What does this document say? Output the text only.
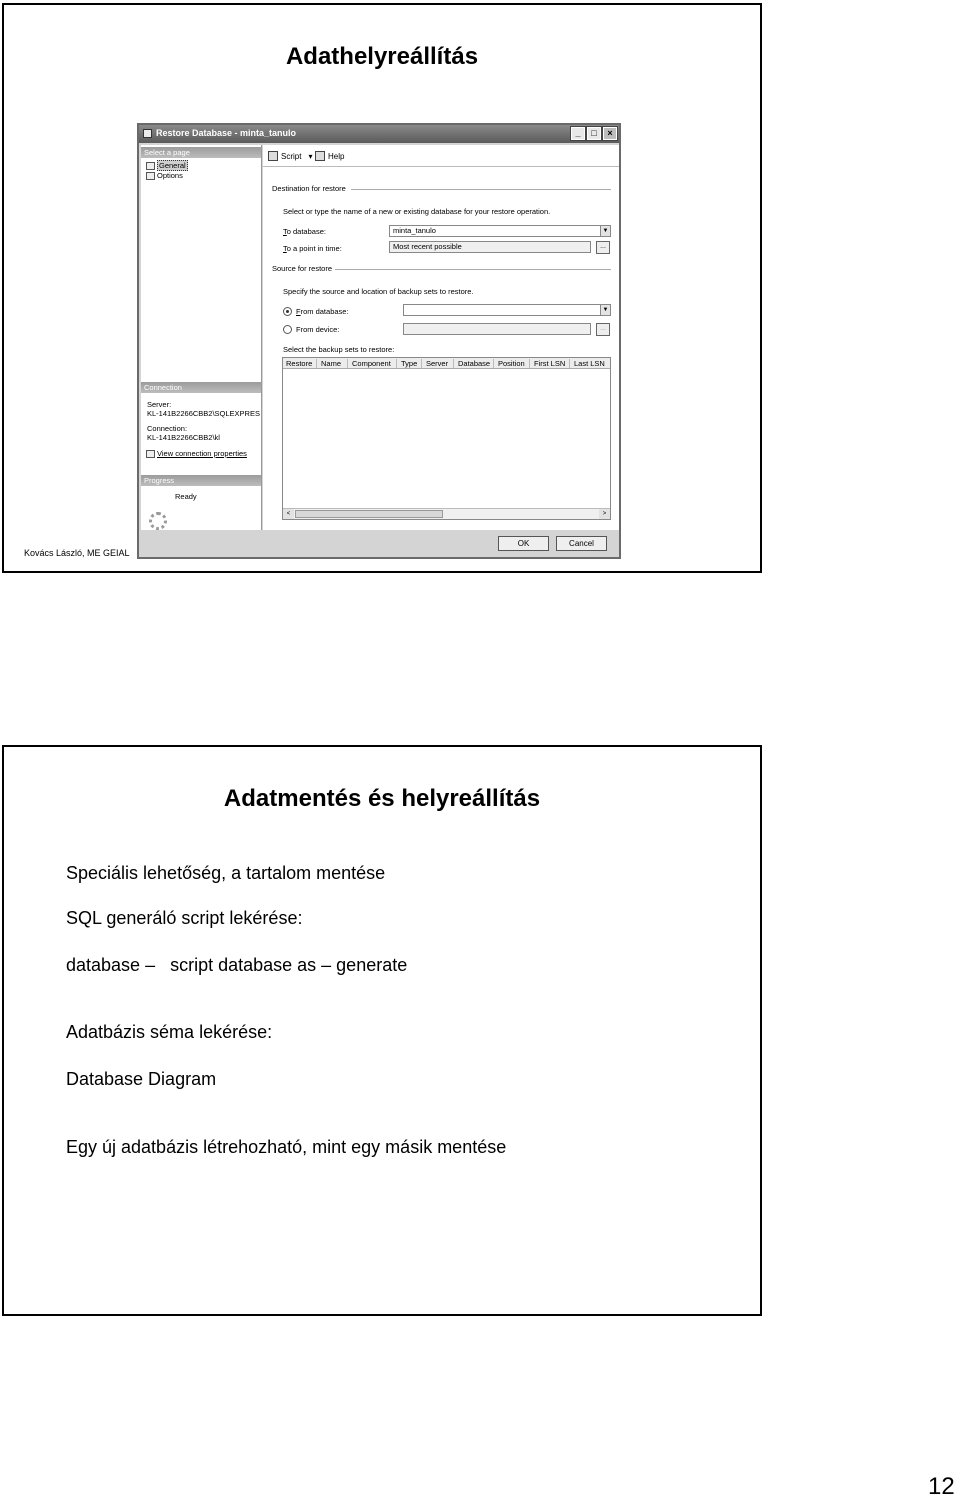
Adathelyreállítás
Kovács László, ME GEIAL
Restore Database - minta_tanulo	_	□	×
Select a page
General
Options
Connection
Server:
KL-141B2266CBB2\SQLEXPRES
Connection:
KL-141B2266CBB2\kl
View connection properties
Progress
Ready
Script ▾ Help
Destination for restore
Select or type the name of a new or existing database for your restore operation.
To database:	minta_tanulo	▼
To a point in time:	Most recent possible	...
Source for restore
Specify the source and location of backup sets to restore.
From database:	▼
From device:	...
Select the backup sets to restore:
Restore	Name	Component	Type	Server	Database	Position	First LSN	Last LSN
<	>
OK	Cancel
Adatmentés és helyreállítás
Speciális lehetőség, a tartalom mentése
SQL generáló script lekérése:
database –   script database as – generate
Adatbázis séma lekérése:
Database Diagram
Egy új adatbázis létrehozható, mint egy másik mentése
12
